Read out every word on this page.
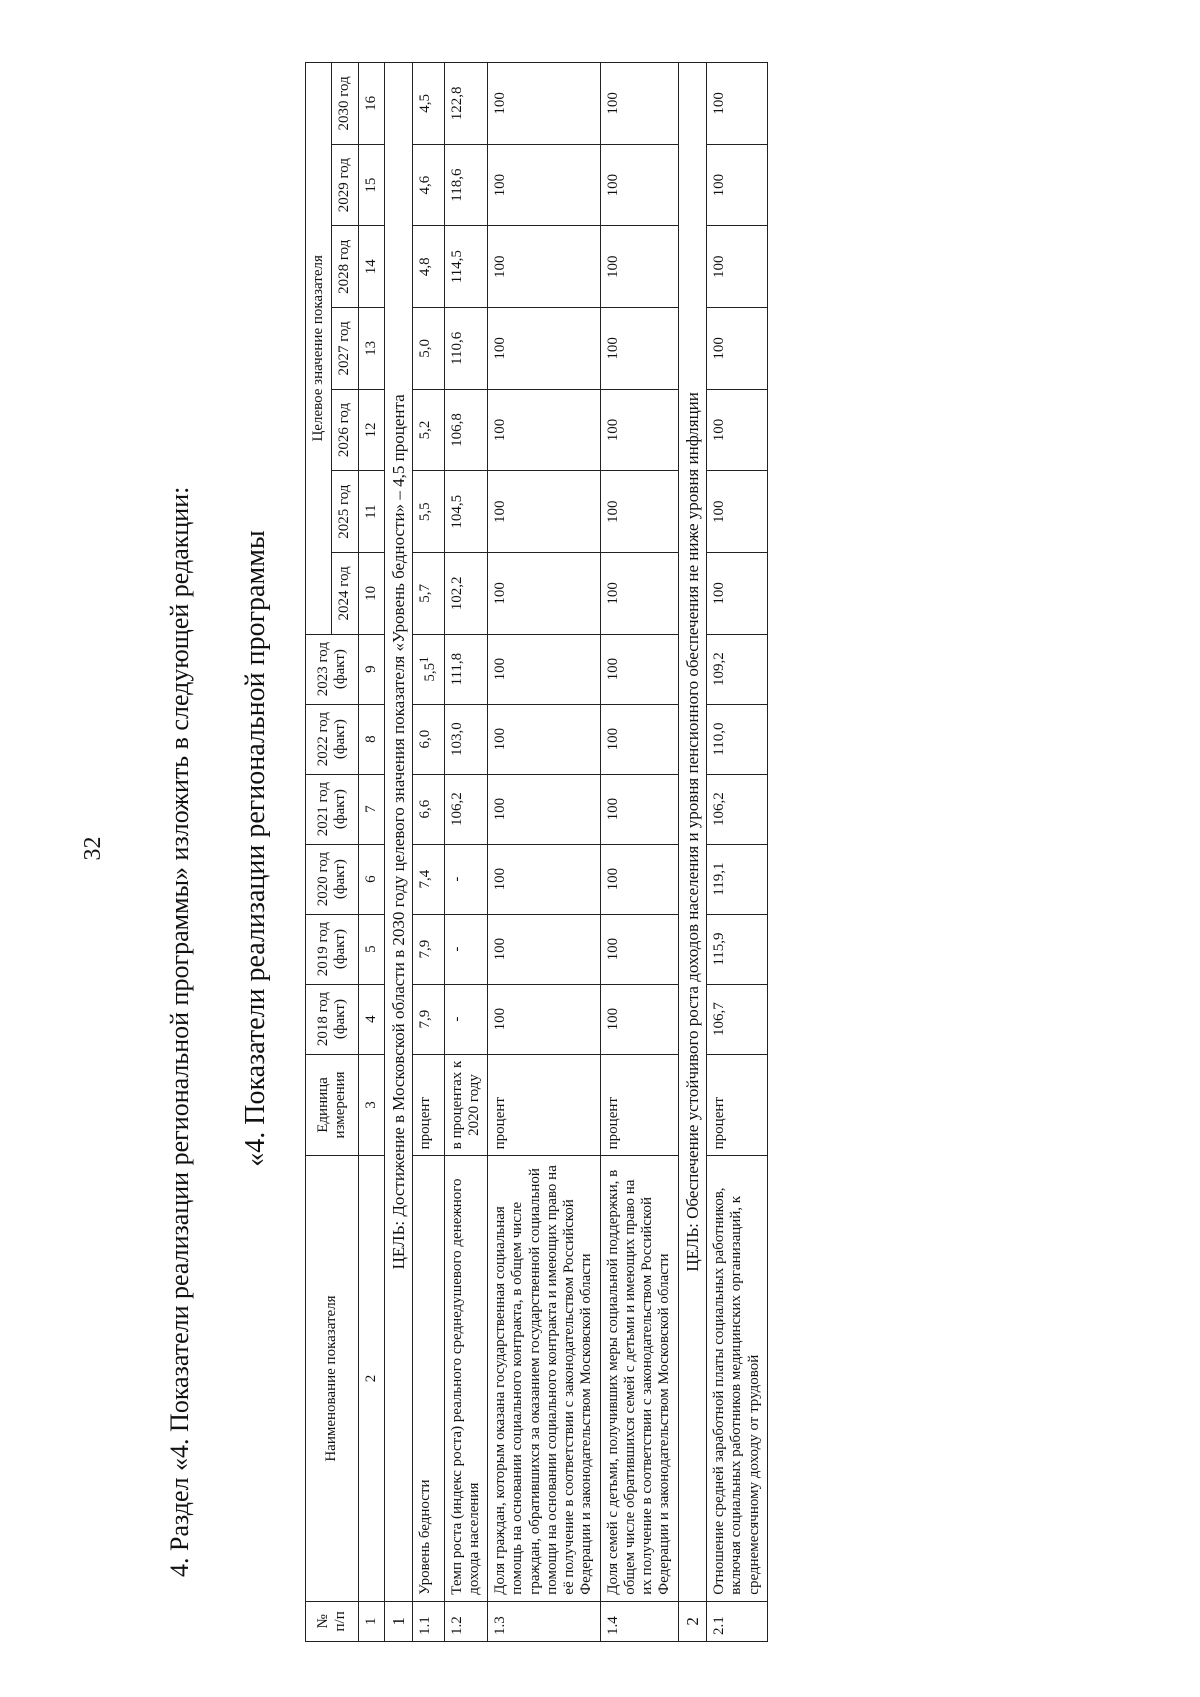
32 4. Раздел «4. Показатели реализации региональной программы» изложить в следующей редакции: «4. Показатели реализации региональной программы
№ п/п	Наименование показателя	Единица измерения	2018 год (факт)	2019 год (факт)	2020 год (факт)	2021 год (факт)	2022 год (факт)	2023 год (факт)	Целевое значение показателя						
									2024 год	2025 год	2026 год	2027 год	2028 год	2029 год	2030 год
1	2	3	4	5	6	7	8	9	10	11	12	13	14	15	16
1	ЦЕЛЬ: Достижение в Московской области в 2030 году целевого значения показателя «Уровень бедности» – 4,5 процента														
1.1	Уровень бедности	процент	7,9	7,9	7,4	6,6	6,0	$5,5^1$	5,7	5,5	5,2	5,0	4,8	4,6	4,5
1.2	Темп роста (индекс роста) реального среднедушевого денежного дохода населения	в процентах к 2020 году	-	-	-	106,2	103,0	111,8	102,2	104,5	106,8	110,6	114,5	118,6	122,8
1.3	Доля граждан, которым оказана государственная социальная помощь на основании социального контракта, в общем числе граждан, обратившихся за оказанием государственной социальной помощи на основании социального контракта и имеющих право на её получение в соответствии с законодательством Российской Федерации и законодательством Московской области	процент	100	100	100	100	100	100	100	100	100	100	100	100	100
1.4	Доля семей с детьми, получивших меры социальной поддержки, в общем числе обратившихся семей с детьми и имеющих право на их получение в соответствии с законодательством Российской Федерации и законодательством Московской области	процент	100	100	100	100	100	100	100	100	100	100	100	100	100
2	ЦЕЛЬ: Обеспечение устойчивого роста доходов населения и уровня пенсионного обеспечения не ниже уровня инфляции														
2.1	Отношение средней заработной платы социальных работников, включая социальных работников медицинских организаций, к среднемесячному доходу от трудовой	процент	106,7	115,9	119,1	106,2	110,0	109,2	100	100	100	100	100	100	100
